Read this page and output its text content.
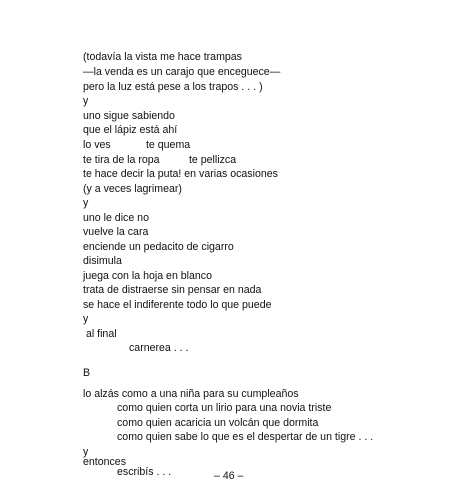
(todavía la vista me hace trampas
—la venda es un carajo que enceguece—
pero la luz está pese a los trapos . . . )
y
uno sigue sabiendo
que el lápiz está ahí
lo ves            te quema
te tira de la ropa          te pellizca
te hace decir la puta! en varias ocasiones
(y a veces lagrimear)
y
uno le dice no
vuelve la cara
enciende un pedacito de cigarro
disimula
juega con la hoja en blanco
trata de distraerse sin pensar en nada
se hace el indiferente todo lo que puede
y
al final
carnerea . . .
B
lo alzás como a una niña para su cumpleaños
como quien corta un lirio para una novia triste
como quien acaricia un volcán que dormita
como quien sabe lo que es el despertar de un tigre . . .
y
entonces
escribís . . .	– 46 –
